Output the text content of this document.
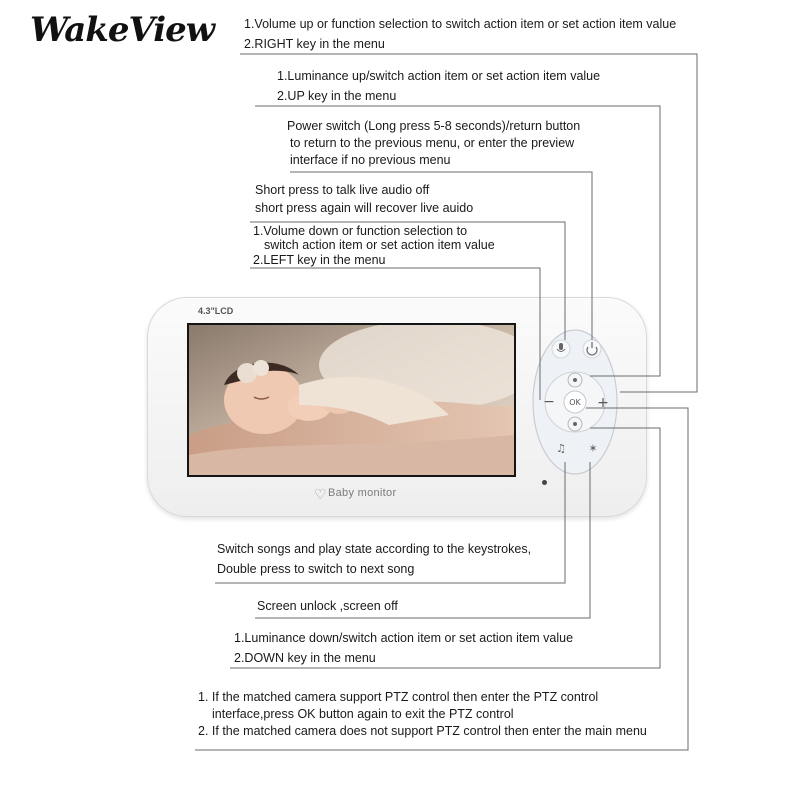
WakeView 1.Volume up or function selection to switch action item or set action item value
2.RIGHT key in the menu
1.Luminance up/switch action item or set action item value
2.UP key in the menu
Power switch (Long press 5-8 seconds)/return button
to return to the previous menu, or enter the preview
interface if no previous menu
Short press to talk live audio off
short press again will recover live auido
1.Volume down or function selection to
switch action item or set action item value
2.LEFT key in the menu
Switch songs and play state according to the keystrokes,
Double press to switch to next song
Screen unlock ,screen off
1.Luminance down/switch action item or set action item value
2.DOWN key in the menu
1. If the matched camera support PTZ control then enter the PTZ control
interface,press OK button again to exit the PTZ control
2. If the matched camera does not support PTZ control then enter the main menu
4.3"LCD
♡ Baby monitor
−	+
OK
♫ ✶
